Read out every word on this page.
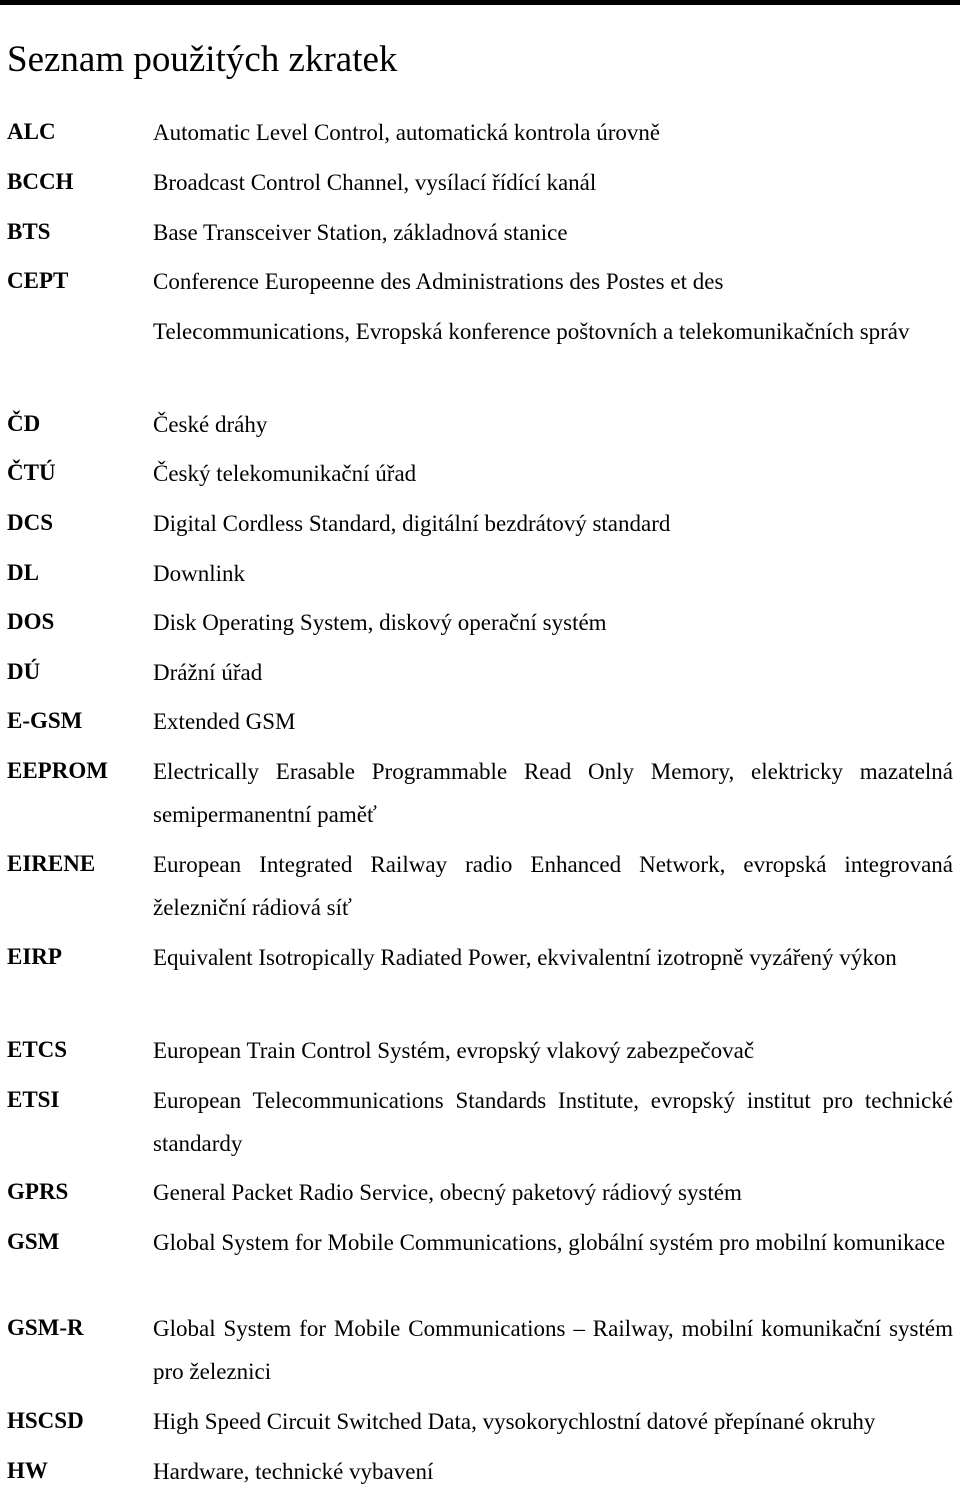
Seznam použitých zkratek
ALC	Automatic Level Control, automatická kontrola úrovně
BCCH	Broadcast Control Channel, vysílací řídící kanál
BTS	Base Transceiver Station, základnová stanice
CEPT	Conference Europeenne des Administrations des Postes et des
Telecommunications, Evropská konference poštovních a telekomunikačních správ
ČD	České dráhy
ČTÚ	Český telekomunikační úřad
DCS	Digital Cordless Standard, digitální bezdrátový standard
DL	Downlink
DOS	Disk Operating System, diskový operační systém
DÚ	Drážní úřad
E-GSM	Extended GSM
EEPROM Electrically Erasable Programmable Read Only Memory, elektricky mazatelná semipermanentní paměť
EIRENE	European Integrated Railway radio Enhanced Network, evropská integrovaná železniční rádiová síť
EIRP	Equivalent Isotropically Radiated Power, ekvivalentní izotropně vyzářený výkon
ETCS	European Train Control Systém, evropský vlakový zabezpečovač
ETSI	European Telecommunications Standards Institute, evropský institut pro technické standardy
GPRS	General Packet Radio Service, obecný paketový rádiový systém
GSM	Global System for Mobile Communications, globální systém pro mobilní komunikace
GSM-R	Global System for Mobile Communications – Railway, mobilní komunikační systém pro železnici
HSCSD	High Speed Circuit Switched Data, vysokorychlostní datové přepínané okruhy
HW	Hardware, technické vybavení
